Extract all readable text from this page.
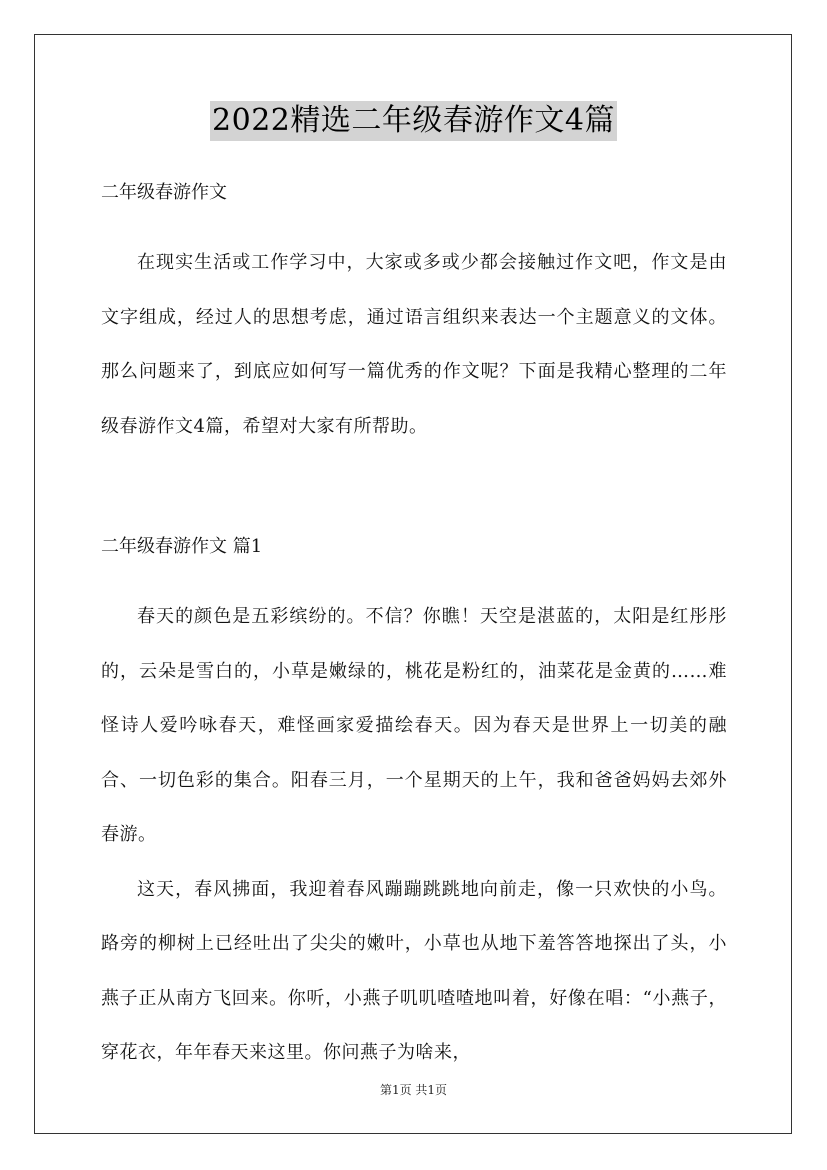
2022精选二年级春游作文4篇
二年级春游作文

在现实生活或工作学习中，大家或多或少都会接触过作文吧，作文是由文字组成，经过人的思想考虑，通过语言组织来表达一个主题意义的文体。那么问题来了，到底应如何写一篇优秀的作文呢？下面是我精心整理的二年级春游作文4篇，希望对大家有所帮助。

二年级春游作文 篇1

春天的颜色是五彩缤纷的。不信？你瞧！天空是湛蓝的，太阳是红彤彤的，云朵是雪白的，小草是嫩绿的，桃花是粉红的，油菜花是金黄的……难怪诗人爱吟咏春天，难怪画家爱描绘春天。因为春天是世界上一切美的融合、一切色彩的集合。阳春三月，一个星期天的上午，我和爸爸妈妈去郊外春游。

这天，春风拂面，我迎着春风蹦蹦跳跳地向前走，像一只欢快的小鸟。路旁的柳树上已经吐出了尖尖的嫩叶，小草也从地下羞答答地探出了头，小燕子正从南方飞回来。你听，小燕子叽叽喳喳地叫着，好像在唱：“小燕子，穿花衣，年年春天来这里。你问燕子为啥来，

第1页 共1页
